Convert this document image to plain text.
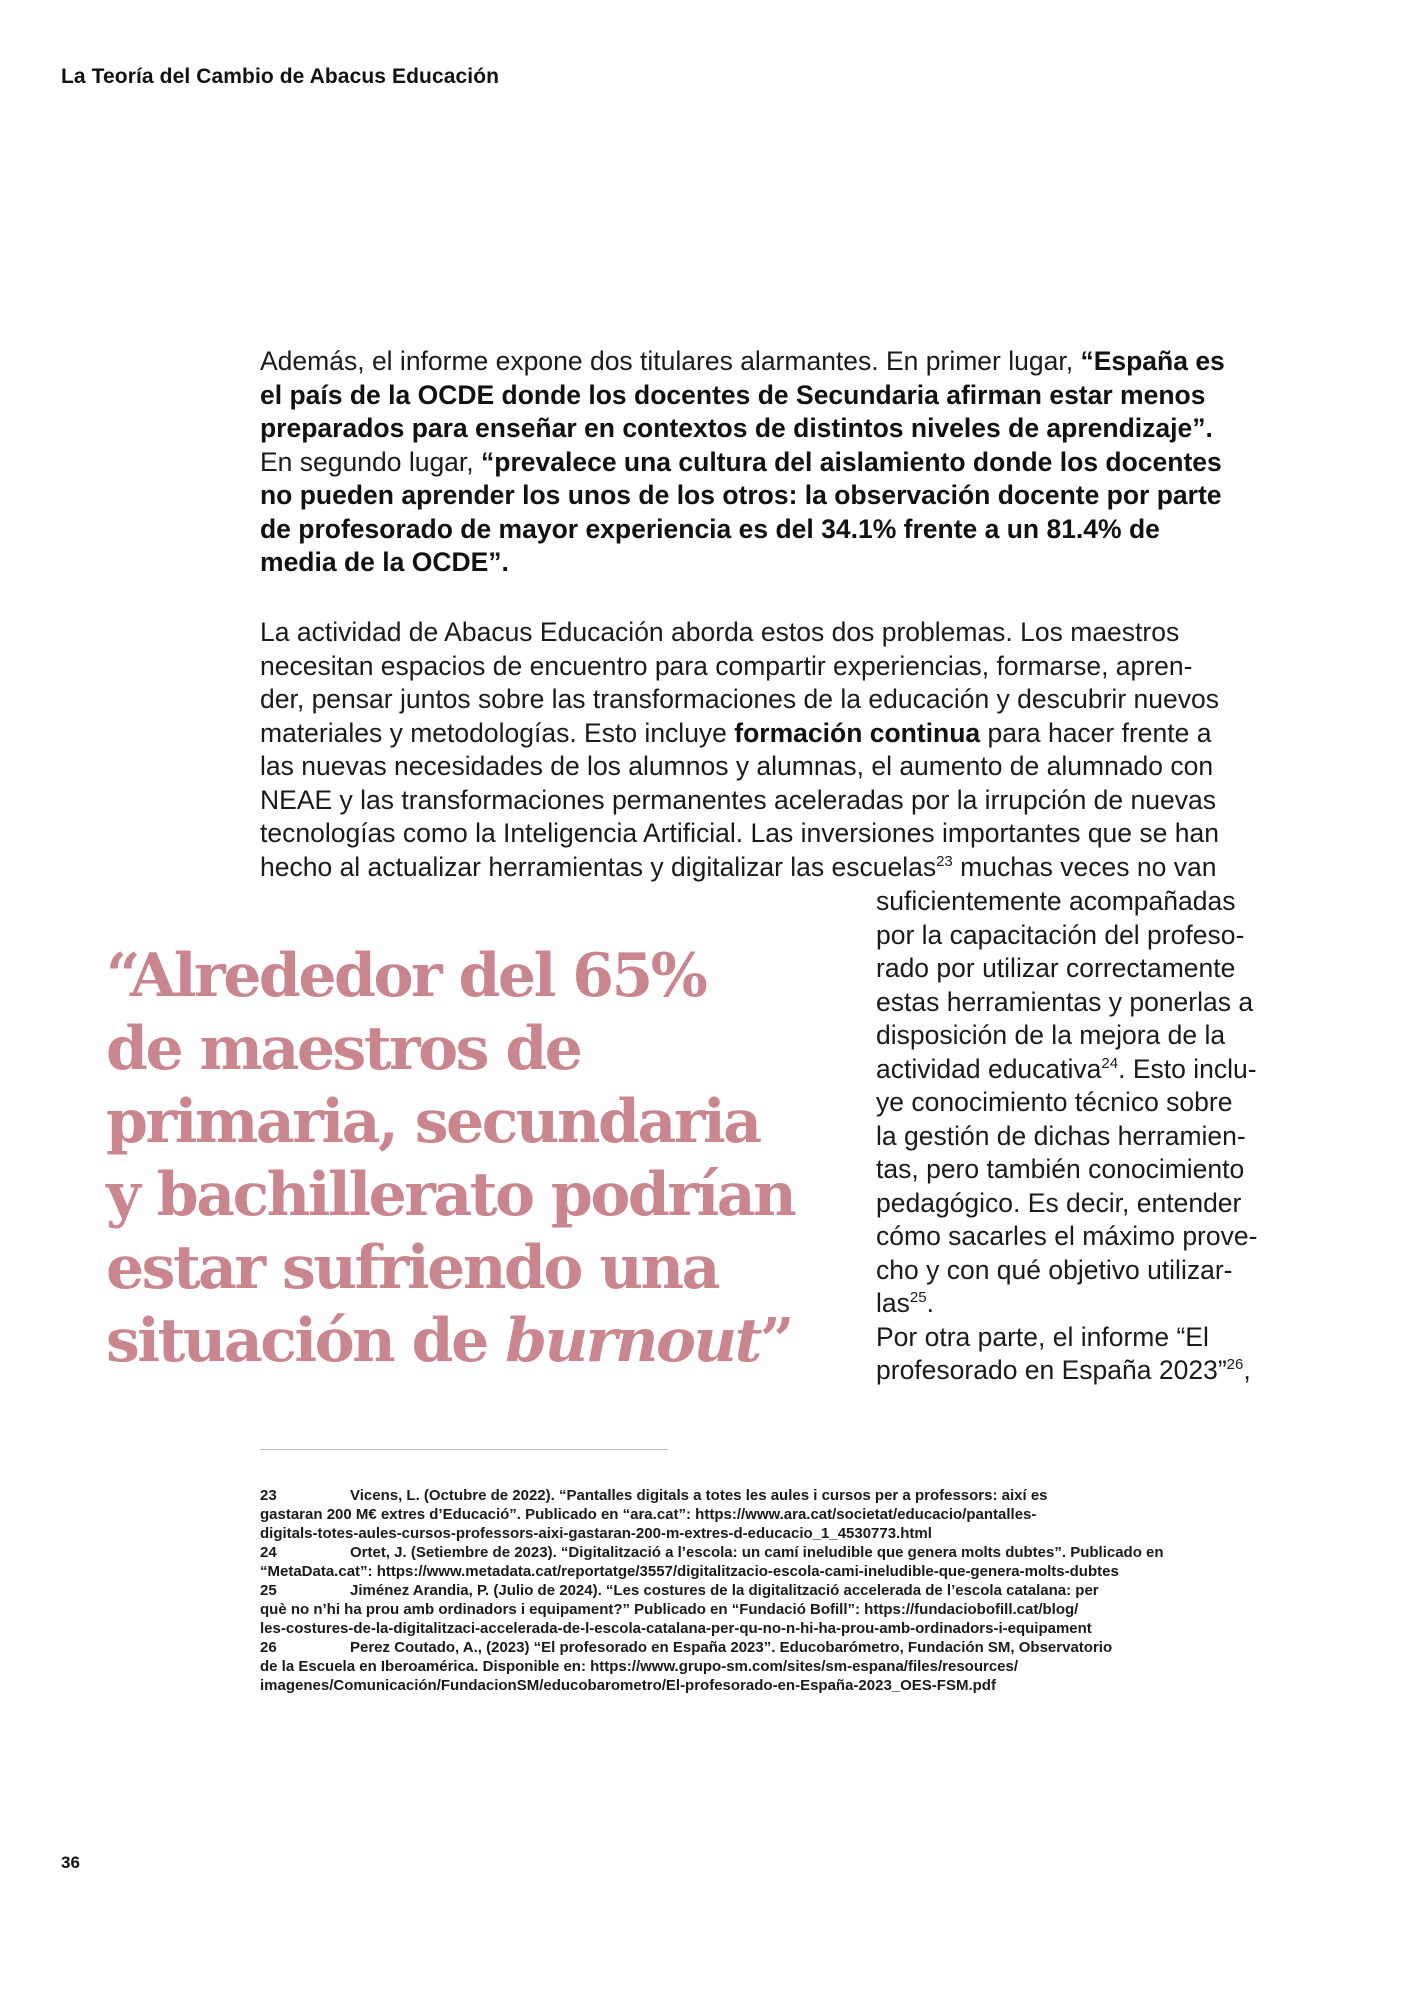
La Teoría del Cambio de Abacus Educación
Además, el informe expone dos titulares alarmantes. En primer lugar, “España es
el país de la OCDE donde los docentes de Secundaria afirman estar menos
preparados para enseñar en contextos de distintos niveles de aprendizaje”.
En segundo lugar, “prevalece una cultura del aislamiento donde los docentes
no pueden aprender los unos de los otros: la observación docente por parte
de profesorado de mayor experiencia es del 34.1% frente a un 81.4% de
media de la OCDE”.
La actividad de Abacus Educación aborda estos dos problemas. Los maestros
necesitan espacios de encuentro para compartir experiencias, formarse, apren-
der, pensar juntos sobre las transformaciones de la educación y descubrir nuevos
materiales y metodologías. Esto incluye formación continua para hacer frente a
las nuevas necesidades de los alumnos y alumnas, el aumento de alumnado con
NEAE y las transformaciones permanentes aceleradas por la irrupción de nuevas
tecnologías como la Inteligencia Artificial. Las inversiones importantes que se han
hecho al actualizar herramientas y digitalizar las escuelas$^{23}$ muchas veces no van
suficientemente acompañadas
por la capacitación del profeso-
rado por utilizar correctamente
estas herramientas y ponerlas a
disposición de la mejora de la
actividad educativa$^{24}$. Esto inclu-
ye conocimiento técnico sobre
la gestión de dichas herramien-
tas, pero también conocimiento
pedagógico. Es decir, entender
cómo sacarles el máximo prove-
cho y con qué objetivo utilizar-
las$^{25}$.
Por otra parte, el informe “El
profesorado en España 2023”$^{26}$,
“Alrededor del 65%
de maestros de
primaria, secundaria
y bachillerato podrían
estar sufriendo una
situación de burnout”
23	Vicens, L. (Octubre de 2022). “Pantalles digitals a totes les aules i cursos per a professors: així es
gastaran 200 M€ extres d’Educació”. Publicado en “ara.cat”: https://www.ara.cat/societat/educacio/pantalles-
digitals-totes-aules-cursos-professors-aixi-gastaran-200-m-extres-d-educacio_1_4530773.html
24	Ortet, J. (Setiembre de 2023). “Digitalització a l’escola: un camí ineludible que genera molts dubtes”. Publicado en
“MetaData.cat”: https://www.metadata.cat/reportatge/3557/digitalitzacio-escola-cami-ineludible-que-genera-molts-dubtes
25	Jiménez Arandia, P. (Julio de 2024). “Les costures de la digitalització accelerada de l’escola catalana: per
què no n’hi ha prou amb ordinadors i equipament?” Publicado en “Fundació Bofill”: https://fundaciobofill.cat/blog/
les-costures-de-la-digitalitzaci-accelerada-de-l-escola-catalana-per-qu-no-n-hi-ha-prou-amb-ordinadors-i-equipament
26	Perez Coutado, A., (2023) “El profesorado en España 2023”. Educobarómetro, Fundación SM, Observatorio
de la Escuela en Iberoamérica. Disponible en: https://www.grupo-sm.com/sites/sm-espana/files/resources/
imagenes/Comunicación/FundacionSM/educobarometro/El-profesorado-en-España-2023_OES-FSM.pdf
36
